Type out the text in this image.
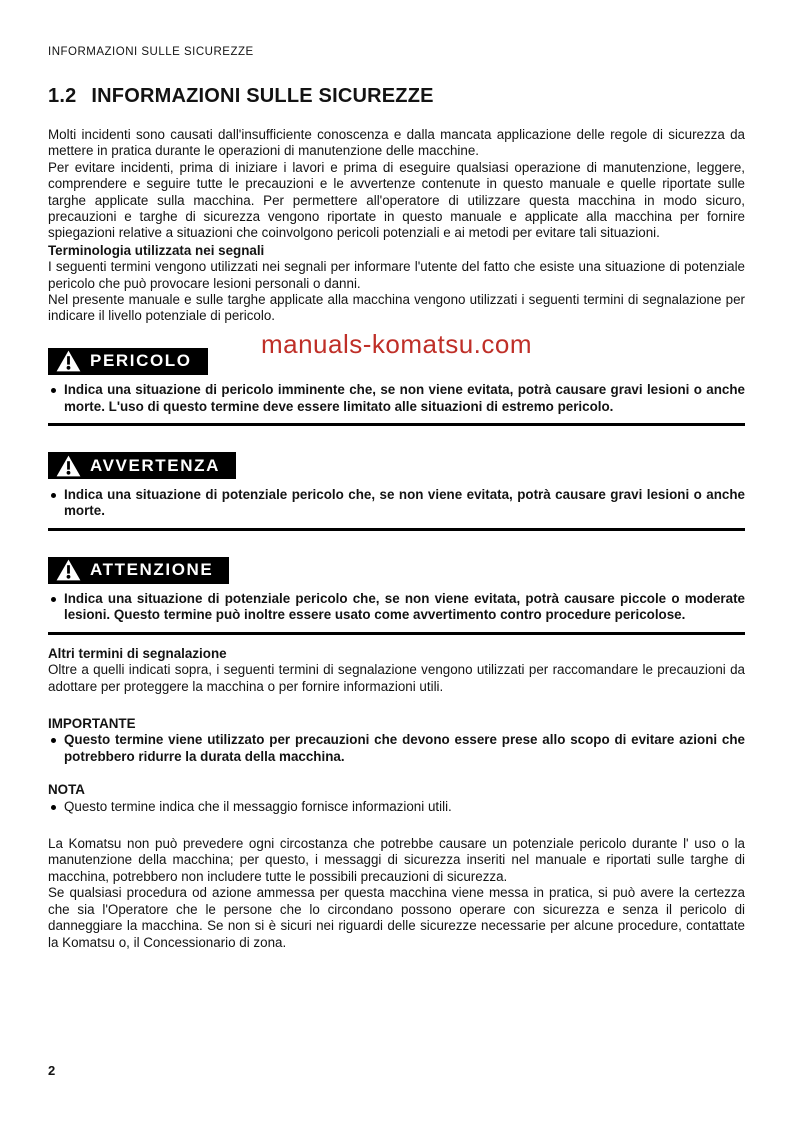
INFORMAZIONI SULLE SICUREZZE
1.2 INFORMAZIONI SULLE SICUREZZE

Molti incidenti sono causati dall'insufficiente conoscenza e dalla mancata applicazione delle regole di sicurezza da mettere in pratica durante le operazioni di manutenzione delle macchine.

Per evitare incidenti, prima di iniziare i lavori e prima di eseguire qualsiasi operazione di manutenzione, leggere, comprendere e seguire tutte le precauzioni e le avvertenze contenute in questo manuale e quelle riportate sulle targhe applicate sulla macchina. Per permettere all'operatore di utilizzare questa macchina in modo sicuro, precauzioni e targhe di sicurezza vengono riportate in questo manuale e applicate alla macchina per fornire spiegazioni relative a situazioni che coinvolgono pericoli potenziali e ai metodi per evitare tali situazioni.

Terminologia utilizzata nei segnali

I seguenti termini vengono utilizzati nei segnali per informare l'utente del fatto che esiste una situazione di potenziale pericolo che può provocare lesioni personali o danni.

Nel presente manuale e sulle targhe applicate alla macchina vengono utilizzati i seguenti termini di segnalazione per indicare il livello potenziale di pericolo.

manuals-komatsu.com
PERICOLO
Indica una situazione di pericolo imminente che, se non viene evitata, potrà causare gravi lesioni o anche morte. L'uso di questo termine deve essere limitato alle situazioni di estremo pericolo.
AVVERTENZA
Indica una situazione di potenziale pericolo che, se non viene evitata, potrà causare gravi lesioni o anche morte.
ATTENZIONE
Indica una situazione di potenziale pericolo che, se non viene evitata, potrà causare piccole o moderate lesioni. Questo termine può inoltre essere usato come avvertimento contro procedure pericolose.

Altri termini di segnalazione

Oltre a quelli indicati sopra, i seguenti termini di segnalazione vengono utilizzati per raccomandare le precauzioni da adottare per proteggere la macchina o per fornire informazioni utili.

IMPORTANTE

Questo termine viene utilizzato per precauzioni che devono essere prese allo scopo di evitare azioni che potrebbero ridurre la durata della macchina.

NOTA

Questo termine indica che il messaggio fornisce informazioni utili.

La Komatsu non può prevedere ogni circostanza che potrebbe causare un potenziale pericolo durante l' uso o la manutenzione della macchina; per questo, i messaggi di sicurezza inseriti nel manuale e riportati sulle targhe di macchina, potrebbero non includere tutte le possibili precauzioni di sicurezza.

Se qualsiasi procedura od azione ammessa per questa macchina viene messa in pratica, si può avere la certezza che sia l'Operatore che le persone che lo circondano possono operare con sicurezza e senza il pericolo di danneggiare la macchina. Se non si è sicuri nei riguardi delle sicurezze necessarie per alcune procedure, contattate la Komatsu o, il Concessionario di zona.

2
